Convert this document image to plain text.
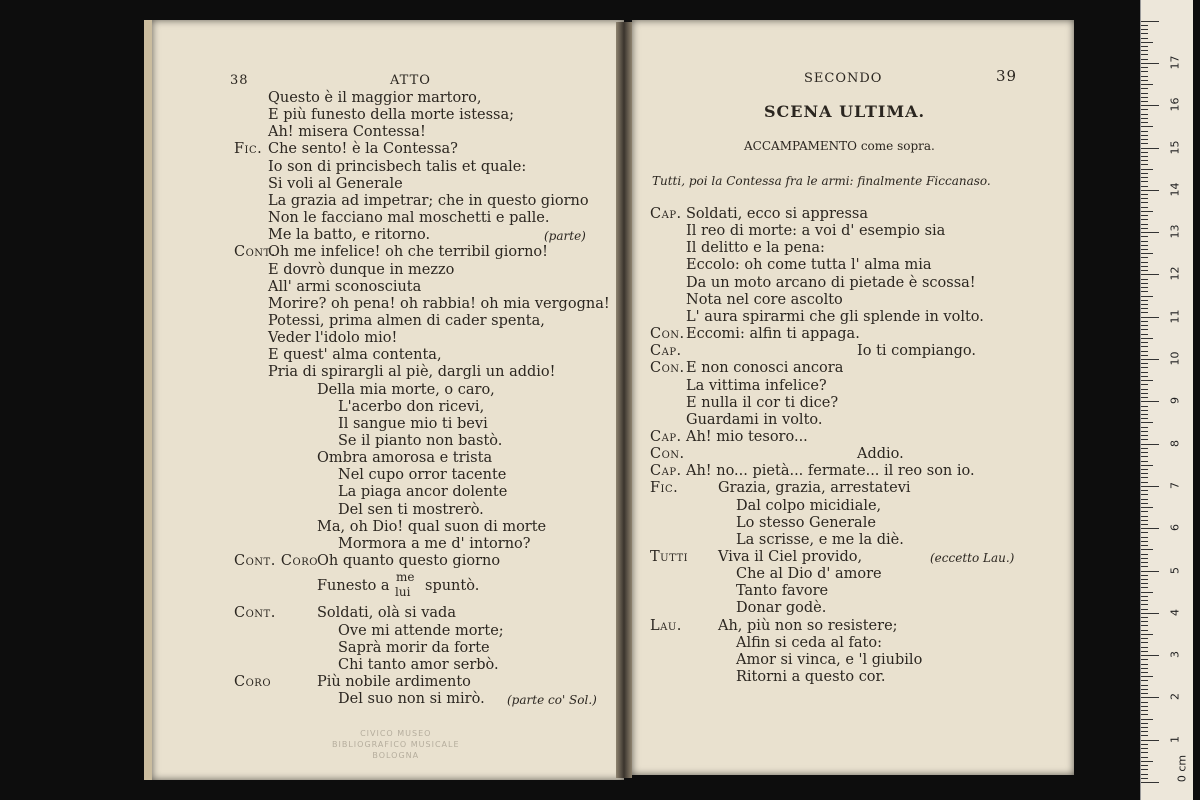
38	ATTO
Questo è il maggior martoro,
E più funesto della morte istessa;
Ah! misera Contessa!
Fic. Che sento! è la Contessa?
Io son di princisbech talis et quale:
Si voli al Generale
La grazia ad impetrar; che in questo giorno
Non le facciano mal moschetti e palle.
Me la batto, e ritorno.	(parte)
Cont.
Oh me infelice! oh che terribil giorno!
E dovrò dunque in mezzo
All' armi sconosciuta
Morire? oh pena! oh rabbia! oh mia vergogna!
Potessi, prima almen di cader spenta,
Veder l'idolo mio!
E quest' alma contenta,
Pria di spirargli al piè, dargli un addio!
Della mia morte, o caro,
L'acerbo don ricevi,
Il sangue mio ti bevi
Se il pianto non bastò.
Ombra amorosa e trista
Nel cupo orror tacente
La piaga ancor dolente
Del sen ti mostrerò.
Ma, oh Dio! qual suon di morte
Mormora a me d' intorno?
Cont. Coro Oh quanto questo giorno
Funesto a
me
lui spuntò.
Cont.	Soldati, olà si vada
Ove mi attende morte;
Saprà morir da forte
Chi tanto amor serbò.
Coro	Più nobile ardimento
Del suo non si mirò. (parte co' Sol.)
CIVICO MUSEO
BIBLIOGRAFICO MUSICALE
BOLOGNA
SECONDO	39
SCENA ULTIMA.
ACCAMPAMENTO come sopra.
Tutti, poi la Contessa fra le armi: finalmente Ficcanaso.
Cap. Soldati, ecco si appressa
Il reo di morte: a voi d' esempio sia
Il delitto e la pena:
Eccolo: oh come tutta l' alma mia
Da un moto arcano di pietade è scossa!
Nota nel core ascolto
L' aura spirarmi che gli splende in volto.
Con. Eccomi: alfin ti appaga.
Cap.	Io ti compiango.
Con. E non conosci ancora
La vittima infelice?
E nulla il cor ti dice?
Guardami in volto.
Cap. Ah! mio tesoro...
Con.	Addio.
Cap. Ah! no... pietà... fermate... il reo son io.
Fic.	Grazia, grazia, arrestatevi
Dal colpo micidiale,
Lo stesso Generale
La scrisse, e me la diè.
Tutti Viva il Ciel provido,	(eccetto Lau.)
Che al Dio d' amore
Tanto favore
Donar godè.
Lau. Ah, più non so resistere;
Alfin si ceda al fato:
Amor si vinca, e 'l giubilo
Ritorni a questo cor.
0 cm
1
2
3
4
5
6
7
8
9
10
11
12
13
14
15
16
17
